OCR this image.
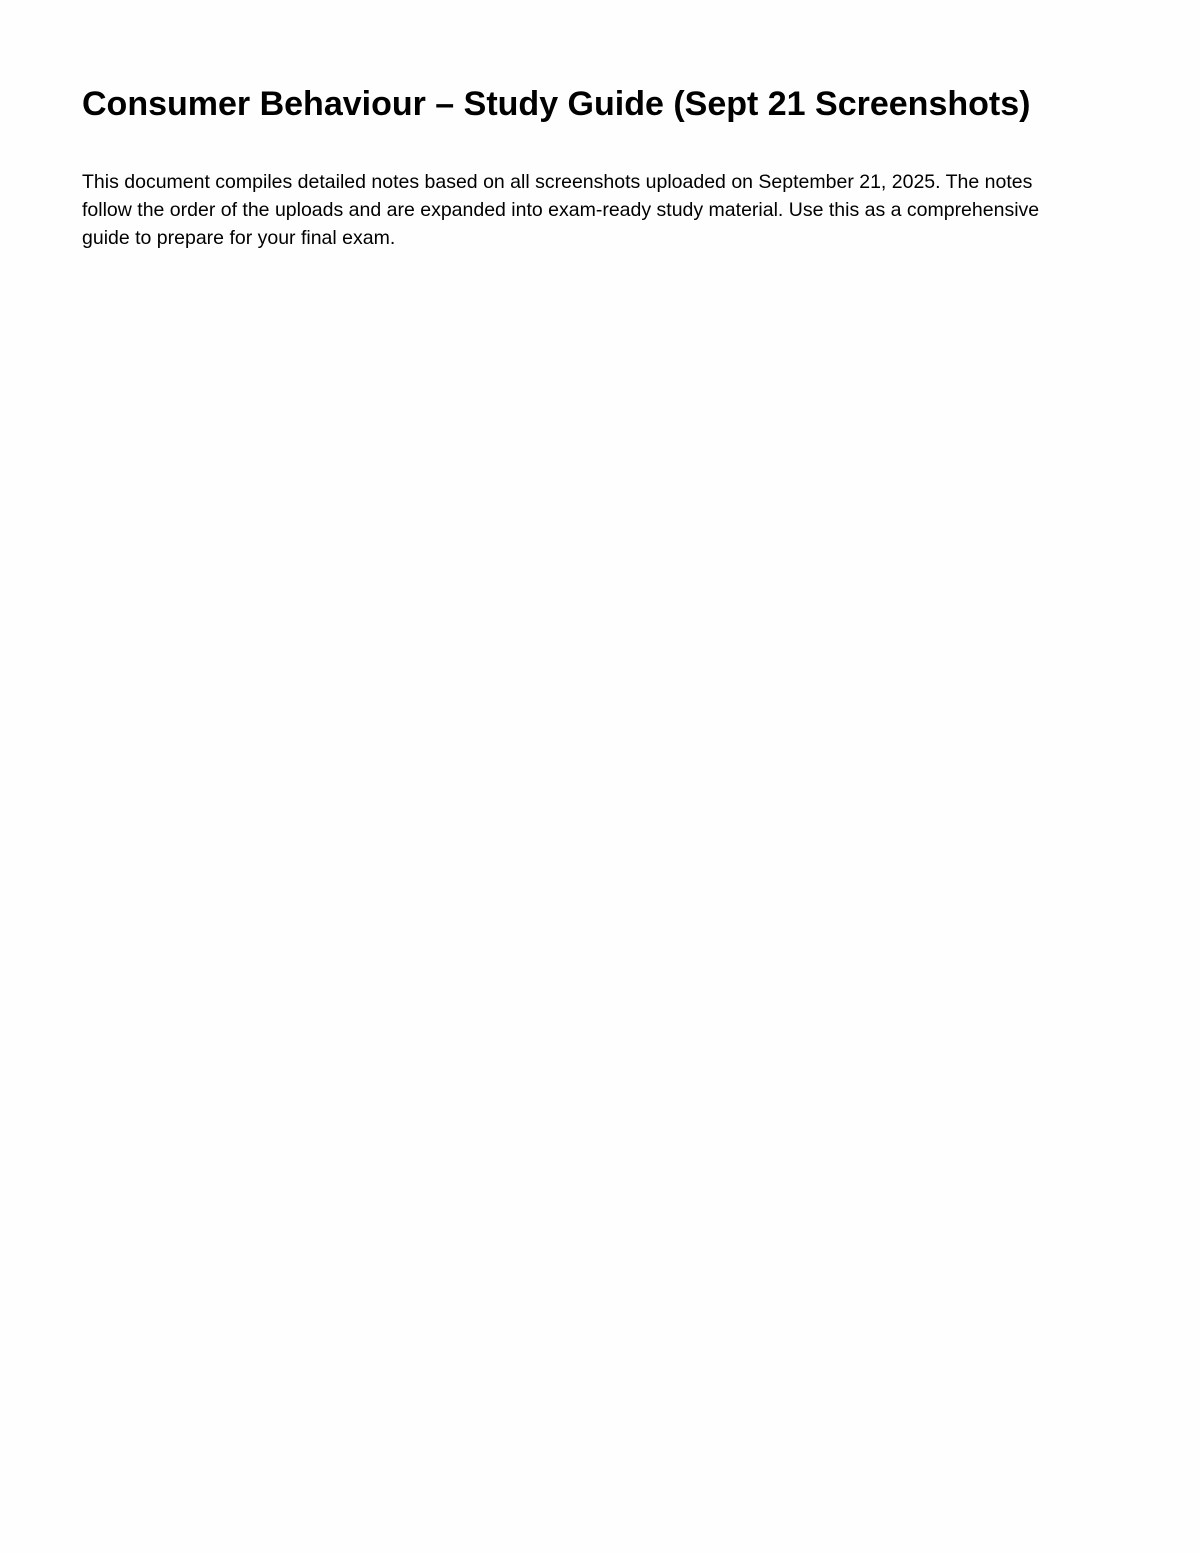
Consumer Behaviour – Study Guide (Sept 21 Screenshots)

This document compiles detailed notes based on all screenshots uploaded on September 21, 2025. The notes
follow the order of the uploads and are expanded into exam-ready study material. Use this as a comprehensive
guide to prepare for your final exam.
